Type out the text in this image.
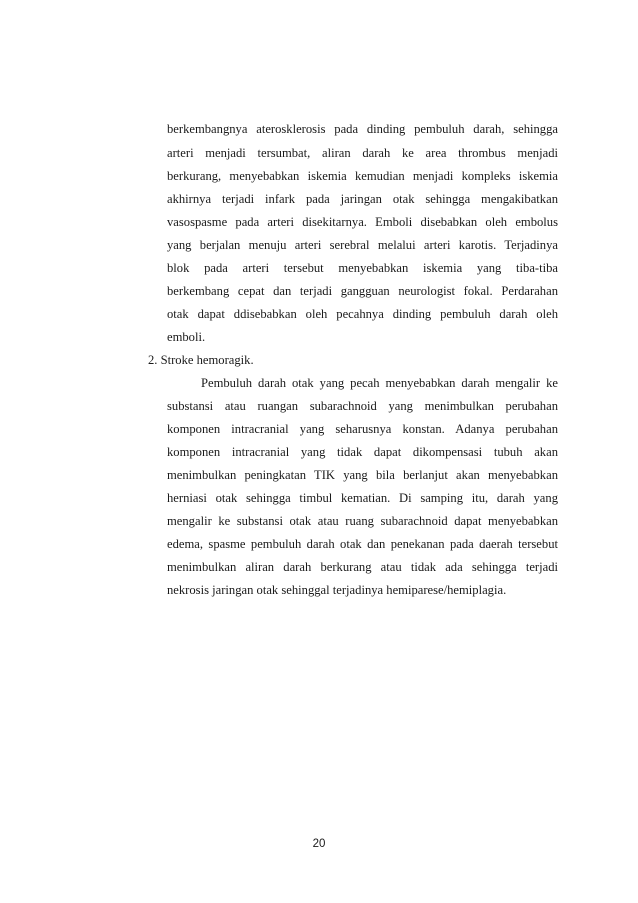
berkembangnya aterosklerosis pada dinding pembuluh darah, sehingga

arteri menjadi tersumbat, aliran darah ke area thrombus menjadi

berkurang, menyebabkan iskemia kemudian menjadi kompleks iskemia

akhirnya terjadi infark pada jaringan otak sehingga mengakibatkan

vasospasme pada arteri disekitarnya. Emboli disebabkan oleh embolus

yang berjalan menuju arteri serebral melalui arteri karotis. Terjadinya

blok pada arteri tersebut menyebabkan iskemia yang tiba-tiba

berkembang cepat dan terjadi gangguan neurologist fokal. Perdarahan

otak dapat ddisebabkan oleh pecahnya dinding pembuluh darah oleh

emboli.

2. Stroke hemoragik.

Pembuluh darah otak yang pecah menyebabkan darah mengalir ke

substansi atau ruangan subarachnoid yang menimbulkan perubahan

komponen intracranial yang seharusnya konstan. Adanya perubahan

komponen intracranial yang tidak dapat dikompensasi tubuh akan

menimbulkan peningkatan TIK yang bila berlanjut akan menyebabkan

herniasi otak sehingga timbul kematian. Di samping itu, darah yang

mengalir ke substansi otak atau ruang subarachnoid dapat menyebabkan

edema, spasme pembuluh darah otak dan penekanan pada daerah tersebut

menimbulkan aliran darah berkurang atau tidak ada sehingga terjadi

nekrosis jaringan otak sehinggal terjadinya hemiparese/hemiplagia.

20
